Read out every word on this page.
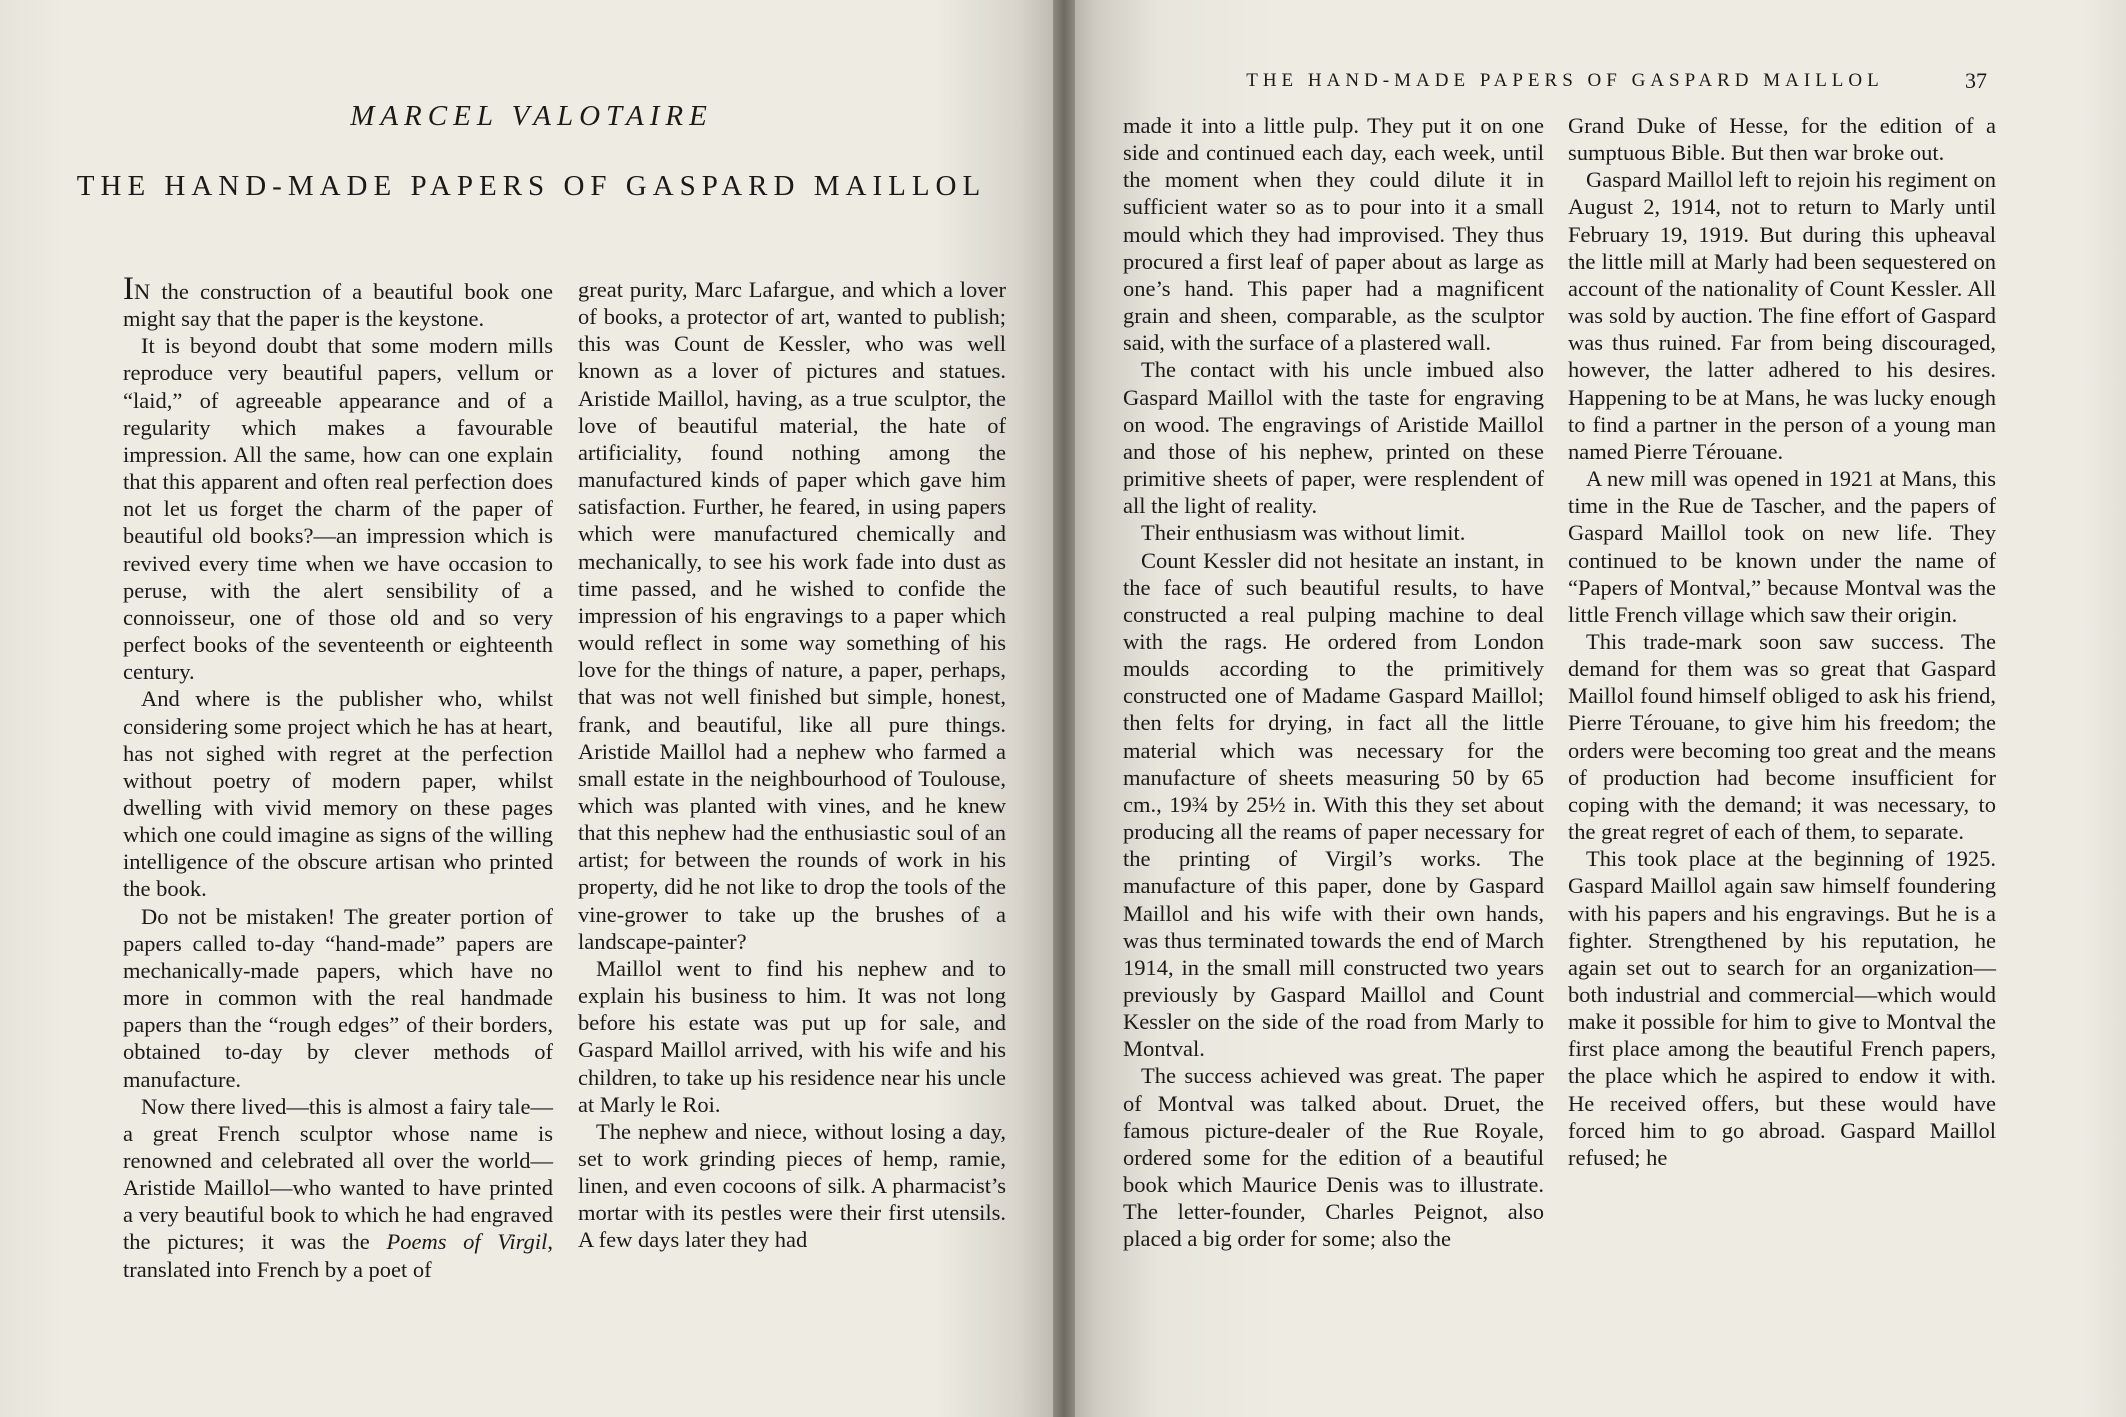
MARCEL VALOTAIRE
THE HAND-MADE PAPERS OF GASPARD MAILLOL
THE HAND-MADE PAPERS OF GASPARD MAILLOL	37

IN the construction of a beautiful book one might say that the paper is the keystone.

It is beyond doubt that some modern mills reproduce very beautiful papers, vellum or “laid,” of agreeable appearance and of a regularity which makes a favourable impression. All the same, how can one explain that this apparent and often real perfection does not let us forget the charm of the paper of beautiful old books?—an impression which is revived every time when we have occasion to peruse, with the alert sensibility of a connoisseur, one of those old and so very perfect books of the seventeenth or eighteenth century.

And where is the publisher who, whilst considering some project which he has at heart, has not sighed with regret at the perfection without poetry of modern paper, whilst dwelling with vivid memory on these pages which one could imagine as signs of the willing intelligence of the obscure artisan who printed the book.

Do not be mistaken! The greater portion of papers called to-day “hand-made” papers are mechanically-made papers, which have no more in common with the real handmade papers than the “rough edges” of their borders, obtained to-day by clever methods of manufacture.

Now there lived—this is almost a fairy tale—a great French sculptor whose name is renowned and celebrated all over the world—Aristide Maillol—who wanted to have printed a very beautiful book to which he had engraved the pictures; it was the Poems of Virgil, translated into French by a poet of

great purity, Marc Lafargue, and which a lover of books, a protector of art, wanted to publish; this was Count de Kessler, who was well known as a lover of pictures and statues. Aristide Maillol, having, as a true sculptor, the love of beautiful material, the hate of artificiality, found nothing among the manufactured kinds of paper which gave him satisfaction. Further, he feared, in using papers which were manufactured chemically and mechanically, to see his work fade into dust as time passed, and he wished to confide the impression of his engravings to a paper which would reflect in some way something of his love for the things of nature, a paper, perhaps, that was not well finished but simple, honest, frank, and beautiful, like all pure things. Aristide Maillol had a nephew who farmed a small estate in the neighbourhood of Toulouse, which was planted with vines, and he knew that this nephew had the enthusiastic soul of an artist; for between the rounds of work in his property, did he not like to drop the tools of the vine-grower to take up the brushes of a landscape-painter?

Maillol went to find his nephew and to explain his business to him. It was not long before his estate was put up for sale, and Gaspard Maillol arrived, with his wife and his children, to take up his residence near his uncle at Marly le Roi.

The nephew and niece, without losing a day, set to work grinding pieces of hemp, ramie, linen, and even cocoons of silk. A pharmacist’s mortar with its pestles were their first utensils. A few days later they had

made it into a little pulp. They put it on one side and continued each day, each week, until the moment when they could dilute it in sufficient water so as to pour into it a small mould which they had improvised. They thus procured a first leaf of paper about as large as one’s hand. This paper had a magnificent grain and sheen, comparable, as the sculptor said, with the surface of a plastered wall.

The contact with his uncle imbued also Gaspard Maillol with the taste for engraving on wood. The engravings of Aristide Maillol and those of his nephew, printed on these primitive sheets of paper, were resplendent of all the light of reality.

Their enthusiasm was without limit.

Count Kessler did not hesitate an instant, in the face of such beautiful results, to have constructed a real pulping machine to deal with the rags. He ordered from London moulds according to the primitively constructed one of Madame Gaspard Maillol; then felts for drying, in fact all the little material which was necessary for the manufacture of sheets measuring 50 by 65 cm., 19¾ by 25½ in. With this they set about producing all the reams of paper necessary for the printing of Virgil’s works. The manufacture of this paper, done by Gaspard Maillol and his wife with their own hands, was thus terminated towards the end of March 1914, in the small mill constructed two years previously by Gaspard Maillol and Count Kessler on the side of the road from Marly to Montval.

The success achieved was great. The paper of Montval was talked about. Druet, the famous picture-dealer of the Rue Royale, ordered some for the edition of a beautiful book which Maurice Denis was to illustrate. The letter-founder, Charles Peignot, also placed a big order for some; also the

Grand Duke of Hesse, for the edition of a sumptuous Bible. But then war broke out.

Gaspard Maillol left to rejoin his regiment on August 2, 1914, not to return to Marly until February 19, 1919. But during this upheaval the little mill at Marly had been sequestered on account of the nationality of Count Kessler. All was sold by auction. The fine effort of Gaspard was thus ruined. Far from being discouraged, however, the latter adhered to his desires. Happening to be at Mans, he was lucky enough to find a partner in the person of a young man named Pierre Térouane.

A new mill was opened in 1921 at Mans, this time in the Rue de Tascher, and the papers of Gaspard Maillol took on new life. They continued to be known under the name of “Papers of Montval,” because Montval was the little French village which saw their origin.

This trade-mark soon saw success. The demand for them was so great that Gaspard Maillol found himself obliged to ask his friend, Pierre Térouane, to give him his freedom; the orders were becoming too great and the means of production had become insufficient for coping with the demand; it was necessary, to the great regret of each of them, to separate.

This took place at the beginning of 1925. Gaspard Maillol again saw himself foundering with his papers and his engravings. But he is a fighter. Strengthened by his reputation, he again set out to search for an organization—both industrial and commercial—which would make it possible for him to give to Montval the first place among the beautiful French papers, the place which he aspired to endow it with. He received offers, but these would have forced him to go abroad. Gaspard Maillol refused; he
